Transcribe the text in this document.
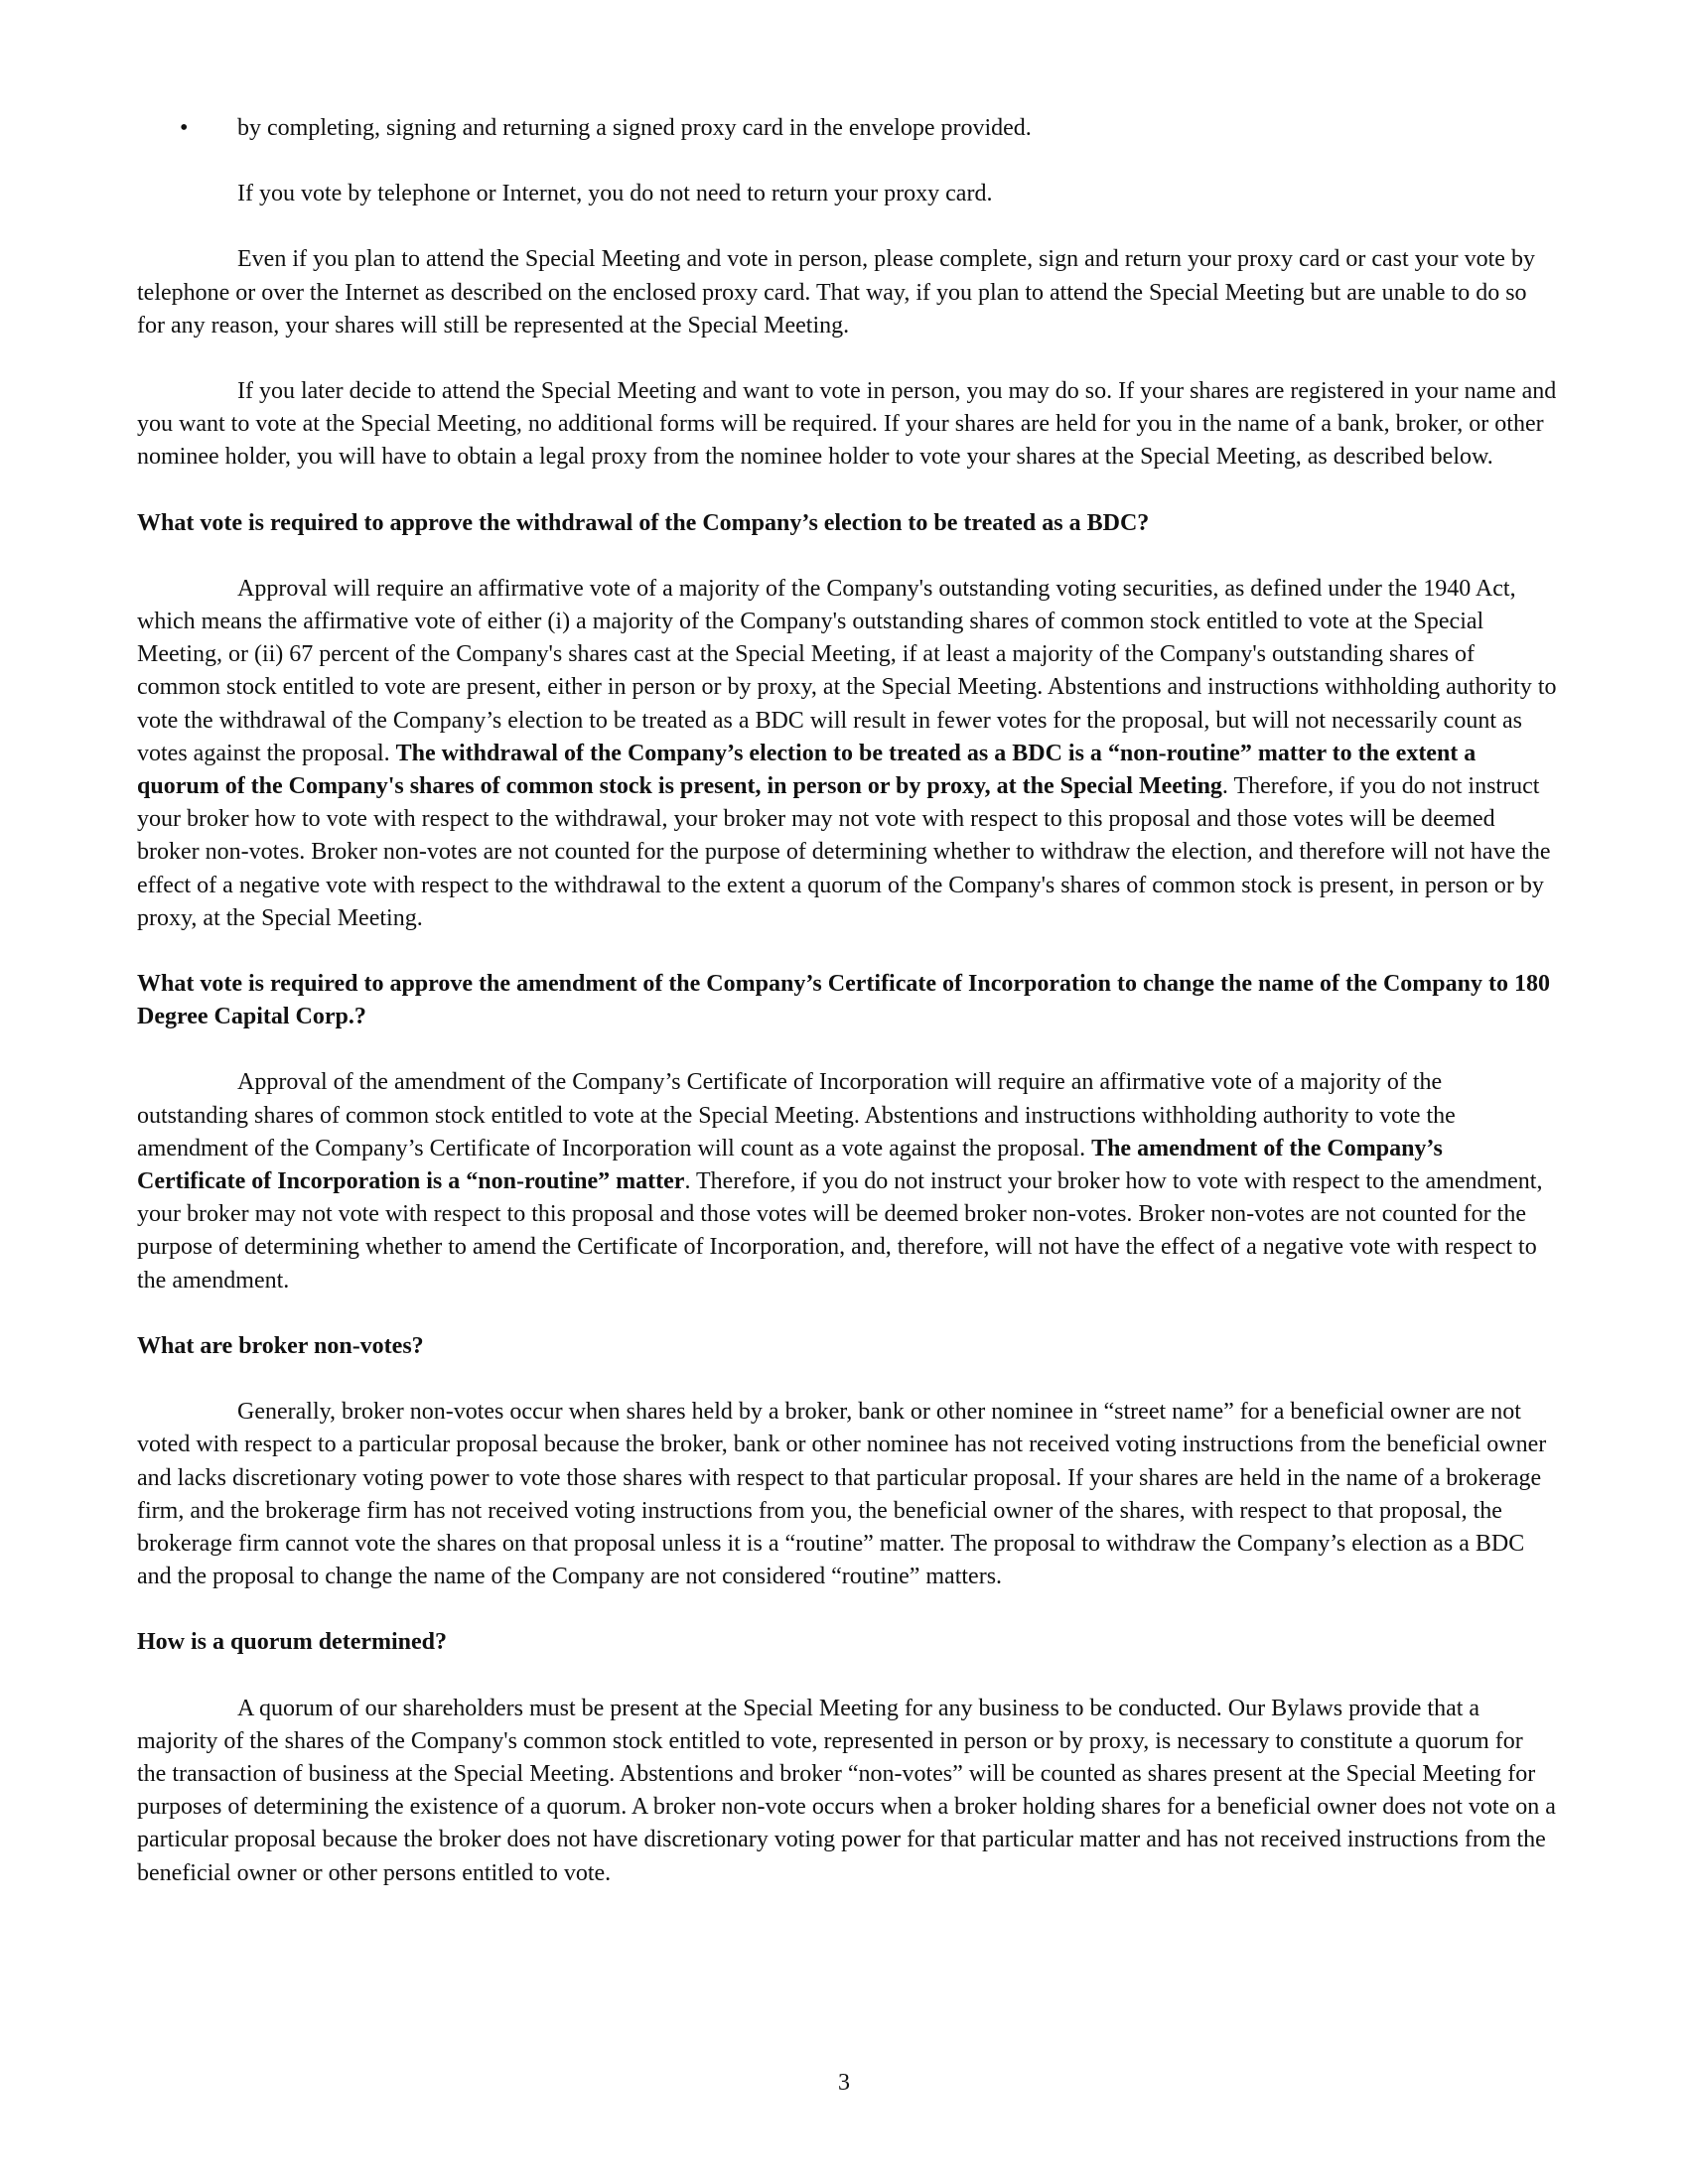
• by completing, signing and returning a signed proxy card in the envelope provided.

If you vote by telephone or Internet, you do not need to return your proxy card.

Even if you plan to attend the Special Meeting and vote in person, please complete, sign and return your proxy card or cast your vote by telephone or over the Internet as described on the enclosed proxy card. That way, if you plan to attend the Special Meeting but are unable to do so for any reason, your shares will still be represented at the Special Meeting.

If you later decide to attend the Special Meeting and want to vote in person, you may do so. If your shares are registered in your name and you want to vote at the Special Meeting, no additional forms will be required. If your shares are held for you in the name of a bank, broker, or other nominee holder, you will have to obtain a legal proxy from the nominee holder to vote your shares at the Special Meeting, as described below.

What vote is required to approve the withdrawal of the Company’s election to be treated as a BDC?

Approval will require an affirmative vote of a majority of the Company's outstanding voting securities, as defined under the 1940 Act, which means the affirmative vote of either (i) a majority of the Company's outstanding shares of common stock entitled to vote at the Special Meeting, or (ii) 67 percent of the Company's shares cast at the Special Meeting, if at least a majority of the Company's outstanding shares of common stock entitled to vote are present, either in person or by proxy, at the Special Meeting. Abstentions and instructions withholding authority to vote the withdrawal of the Company’s election to be treated as a BDC will result in fewer votes for the proposal, but will not necessarily count as votes against the proposal. The withdrawal of the Company’s election to be treated as a BDC is a “non-routine” matter to the extent a quorum of the Company's shares of common stock is present, in person or by proxy, at the Special Meeting. Therefore, if you do not instruct your broker how to vote with respect to the withdrawal, your broker may not vote with respect to this proposal and those votes will be deemed broker non-votes. Broker non-votes are not counted for the purpose of determining whether to withdraw the election, and therefore will not have the effect of a negative vote with respect to the withdrawal to the extent a quorum of the Company's shares of common stock is present, in person or by proxy, at the Special Meeting.

What vote is required to approve the amendment of the Company’s Certificate of Incorporation to change the name of the Company to 180 Degree Capital Corp.?

Approval of the amendment of the Company’s Certificate of Incorporation will require an affirmative vote of a majority of the outstanding shares of common stock entitled to vote at the Special Meeting. Abstentions and instructions withholding authority to vote the amendment of the Company’s Certificate of Incorporation will count as a vote against the proposal. The amendment of the Company’s Certificate of Incorporation is a “non-routine” matter. Therefore, if you do not instruct your broker how to vote with respect to the amendment, your broker may not vote with respect to this proposal and those votes will be deemed broker non-votes. Broker non-votes are not counted for the purpose of determining whether to amend the Certificate of Incorporation, and, therefore, will not have the effect of a negative vote with respect to the amendment.

What are broker non-votes?

Generally, broker non-votes occur when shares held by a broker, bank or other nominee in “street name” for a beneficial owner are not voted with respect to a particular proposal because the broker, bank or other nominee has not received voting instructions from the beneficial owner and lacks discretionary voting power to vote those shares with respect to that particular proposal. If your shares are held in the name of a brokerage firm, and the brokerage firm has not received voting instructions from you, the beneficial owner of the shares, with respect to that proposal, the brokerage firm cannot vote the shares on that proposal unless it is a “routine” matter. The proposal to withdraw the Company’s election as a BDC and the proposal to change the name of the Company are not considered “routine” matters.

How is a quorum determined?

A quorum of our shareholders must be present at the Special Meeting for any business to be conducted. Our Bylaws provide that a majority of the shares of the Company's common stock entitled to vote, represented in person or by proxy, is necessary to constitute a quorum for the transaction of business at the Special Meeting. Abstentions and broker “non-votes” will be counted as shares present at the Special Meeting for purposes of determining the existence of a quorum. A broker non-vote occurs when a broker holding shares for a beneficial owner does not vote on a particular proposal because the broker does not have discretionary voting power for that particular matter and has not received instructions from the beneficial owner or other persons entitled to vote.

3
